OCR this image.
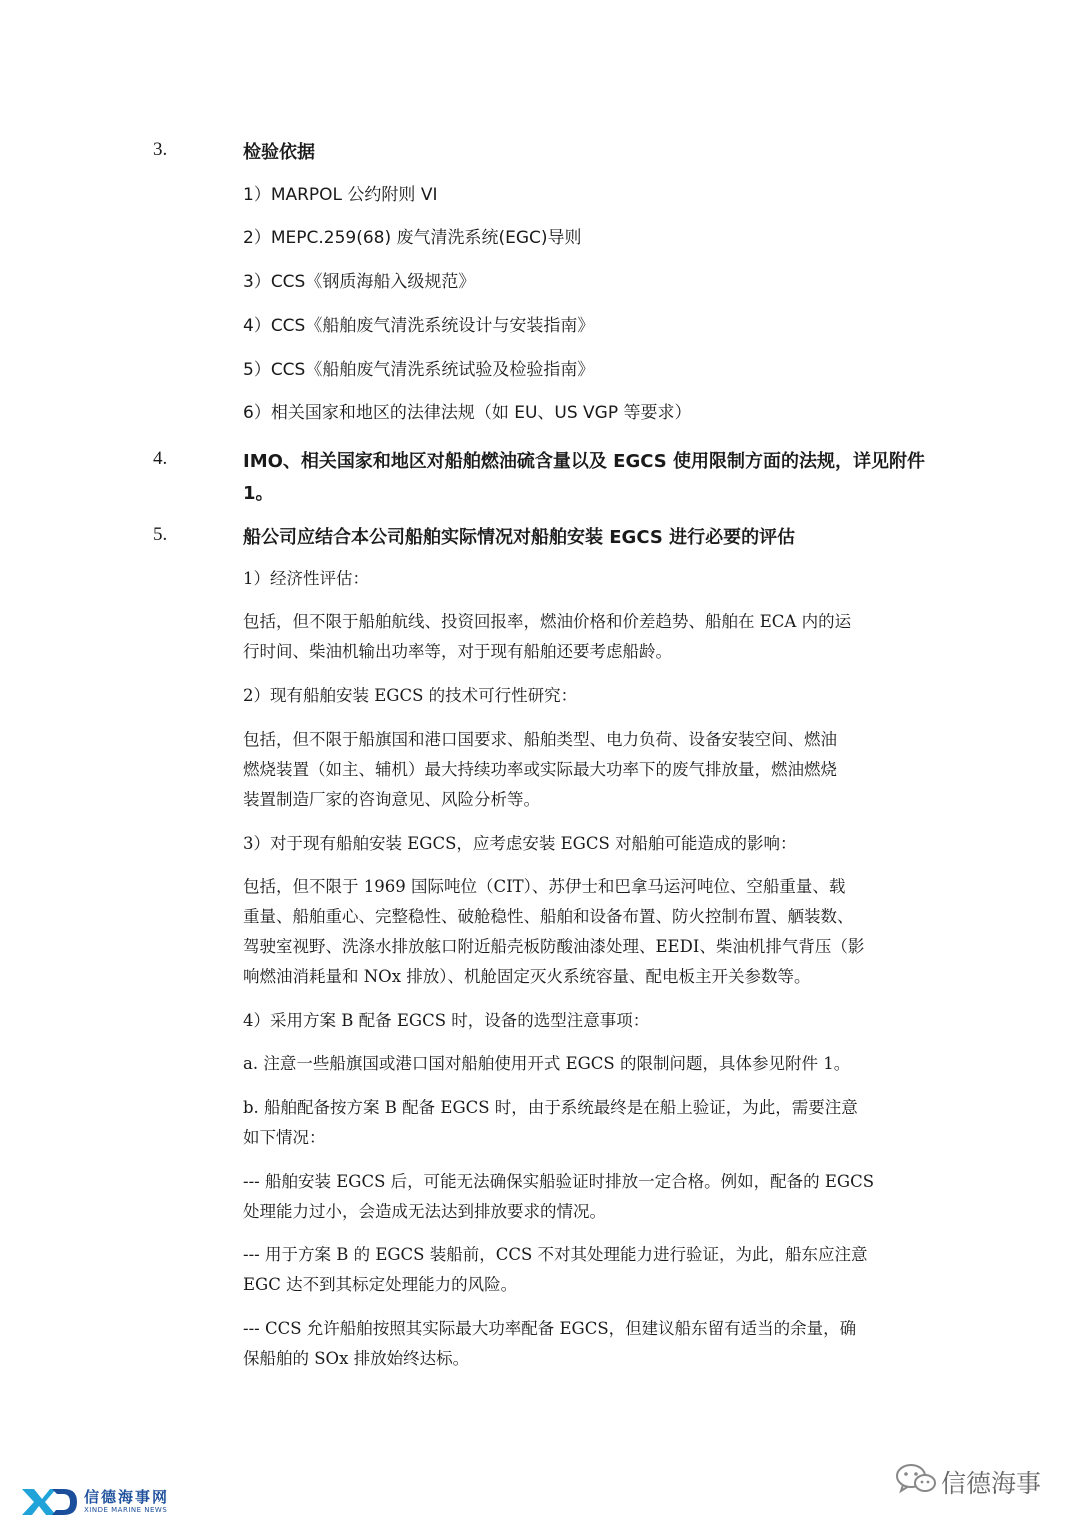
3.	检验依据
1）MARPOL 公约附则 VI
2）MEPC.259(68) 废气清洗系统(EGC)导则
3）CCS《钢质海船入级规范》
4）CCS《船舶废气清洗系统设计与安装指南》
5）CCS《船舶废气清洗系统试验及检验指南》
6）相关国家和地区的法律法规（如 EU、US VGP 等要求）
4.	IMO、相关国家和地区对船舶燃油硫含量以及 EGCS 使用限制方面的法规，详见附件
1。
5.	船公司应结合本公司船舶实际情况对船舶安装 EGCS 进行必要的评估
1）经济性评估：
包括，但不限于船舶航线、投资回报率，燃油价格和价差趋势、船舶在 ECA 内的运
行时间、柴油机输出功率等，对于现有船舶还要考虑船龄。
2）现有船舶安装 EGCS 的技术可行性研究：
包括，但不限于船旗国和港口国要求、船舶类型、电力负荷、设备安装空间、燃油
燃烧装置（如主、辅机）最大持续功率或实际最大功率下的废气排放量，燃油燃烧
装置制造厂家的咨询意见、风险分析等。
3）对于现有船舶安装 EGCS，应考虑安装 EGCS 对船舶可能造成的影响：
包括，但不限于 1969 国际吨位（CIT）、苏伊士和巴拿马运河吨位、空船重量、载
重量、船舶重心、完整稳性、破舱稳性、船舶和设备布置、防火控制布置、舾装数、
驾驶室视野、洗涤水排放舷口附近船壳板防酸油漆处理、EEDI、柴油机排气背压（影
响燃油消耗量和 NOx 排放）、机舱固定灭火系统容量、配电板主开关参数等。
4）采用方案 B 配备 EGCS 时，设备的选型注意事项：
a. 注意一些船旗国或港口国对船舶使用开式 EGCS 的限制问题，具体参见附件 1。
b. 船舶配备按方案 B 配备 EGCS 时，由于系统最终是在船上验证，为此，需要注意
如下情况：
--- 船舶安装 EGCS 后，可能无法确保实船验证时排放一定合格。例如，配备的 EGCS
处理能力过小，会造成无法达到排放要求的情况。
--- 用于方案 B 的 EGCS 装船前，CCS 不对其处理能力进行验证，为此，船东应注意
EGC 达不到其标定处理能力的风险。
--- CCS 允许船舶按照其实际最大功率配备 EGCS，但建议船东留有适当的余量，确
保船舶的 SOx 排放始终达标。
信德海事网
XINDE MARINE NEWS
信德海事
